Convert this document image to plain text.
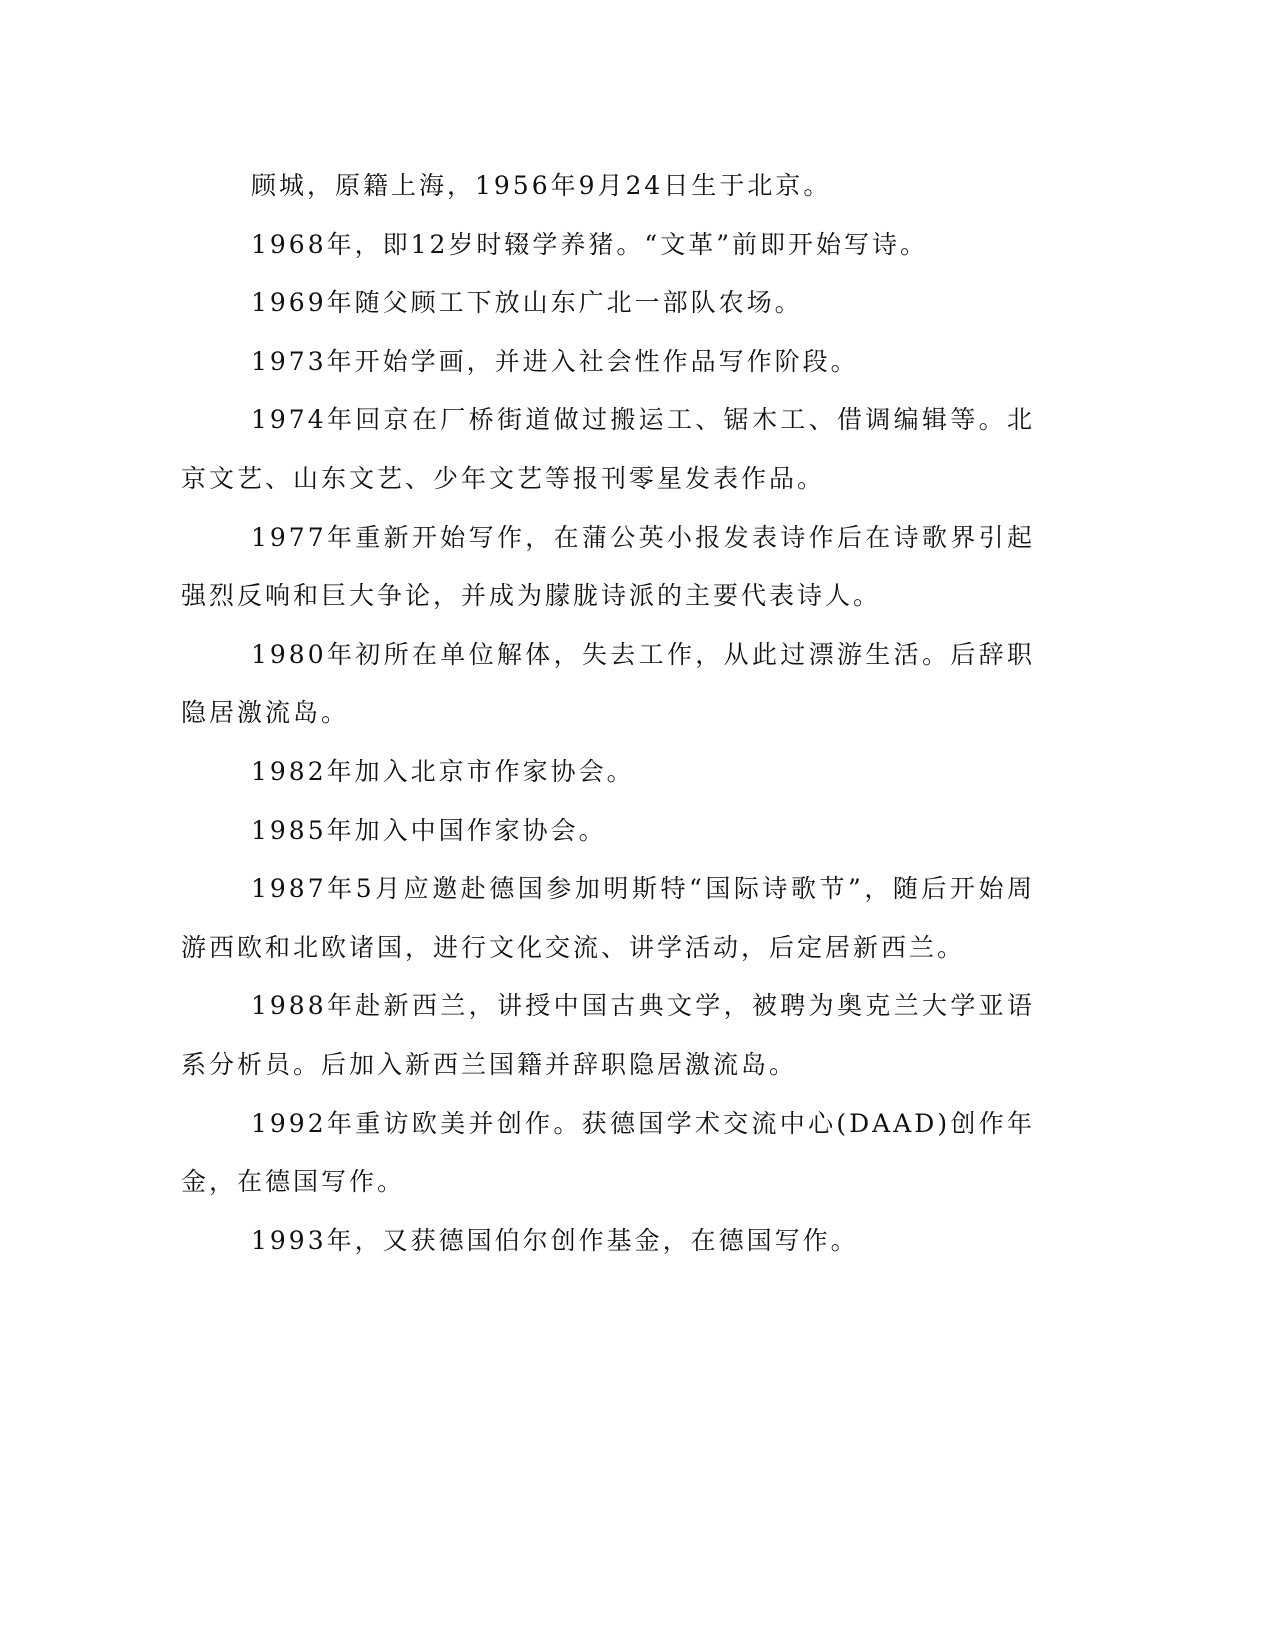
顾城，原籍上海，1956年9月24日生于北京。

1968年，即12岁时辍学养猪。“文革”前即开始写诗。

1969年随父顾工下放山东广北一部队农场。

1973年开始学画，并进入社会性作品写作阶段。

1974年回京在厂桥街道做过搬运工、锯木工、借调编辑等。北京文艺、山东文艺、少年文艺等报刊零星发表作品。

1977年重新开始写作，在蒲公英小报发表诗作后在诗歌界引起强烈反响和巨大争论，并成为朦胧诗派的主要代表诗人。

1980年初所在单位解体，失去工作，从此过漂游生活。后辞职隐居激流岛。

1982年加入北京市作家协会。

1985年加入中国作家协会。

1987年5月应邀赴德国参加明斯特“国际诗歌节”，随后开始周游西欧和北欧诸国，进行文化交流、讲学活动，后定居新西兰。

1988年赴新西兰，讲授中国古典文学，被聘为奥克兰大学亚语系分析员。后加入新西兰国籍并辞职隐居激流岛。

1992年重访欧美并创作。获德国学术交流中心(DAAD)创作年金，在德国写作。

1993年，又获德国伯尔创作基金，在德国写作。
